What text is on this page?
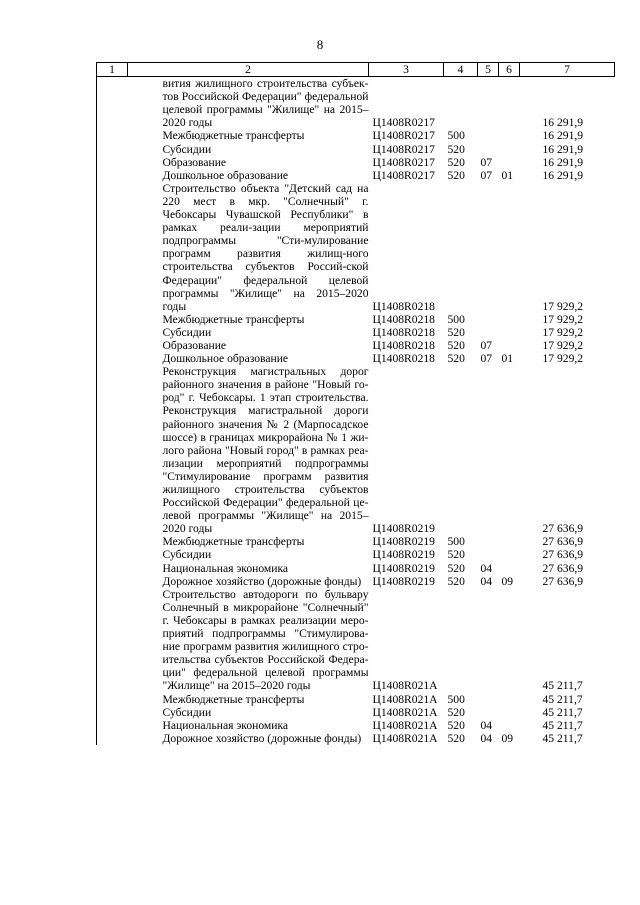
8
1	2	3	4	5	6	7
	вития жилищного строительства субъек-тов Российской Федерации" федеральной целевой программы "Жилище" на 2015–2020 годы	Ц1408R0217				16 291,9
	Межбюджетные трансферты	Ц1408R0217	500			16 291,9
	Субсидии	Ц1408R0217	520			16 291,9
	Образование	Ц1408R0217	520	07		16 291,9
	Дошкольное образование	Ц1408R0217	520	07	01	16 291,9
	Строительство объекта "Детский сад на 220 мест в мкр. "Солнечный" г. Чебоксары Чувашской Республики" в рамках реали-зации мероприятий подпрограммы "Сти-мулирование программ развития жилищ-ного строительства субъектов Россий-ской Федерации" федеральной целевой программы "Жилище" на 2015–2020 годы	Ц1408R0218				17 929,2
	Межбюджетные трансферты	Ц1408R0218	500			17 929,2
	Субсидии	Ц1408R0218	520			17 929,2
	Образование	Ц1408R0218	520	07		17 929,2
	Дошкольное образование	Ц1408R0218	520	07	01	17 929,2
	Реконструкция магистральных дорог районного значения в районе "Новый го-род" г. Чебоксары. 1 этап строительства. Реконструкция магистральной дороги районного значения № 2 (Марпосадское шоссе) в границах микрорайона № 1 жи-лого района "Новый город" в рамках реа-лизации мероприятий подпрограммы "Стимулирование программ развития жилищного строительства субъектов Российской Федерации" федеральной це-левой программы "Жилище" на 2015–2020 годы	Ц1408R0219				27 636,9
	Межбюджетные трансферты	Ц1408R0219	500			27 636,9
	Субсидии	Ц1408R0219	520			27 636,9
	Национальная экономика	Ц1408R0219	520	04		27 636,9
	Дорожное хозяйство (дорожные фонды)	Ц1408R0219	520	04	09	27 636,9
	Строительство автодороги по бульвару Солнечный в микрорайоне "Солнечный" г. Чебоксары в рамках реализации меро-приятий подпрограммы "Стимулирова-ние программ развития жилищного стро-ительства субъектов Российской Федера-ции" федеральной целевой программы "Жилище" на 2015–2020 годы	Ц1408R021А				45 211,7
	Межбюджетные трансферты	Ц1408R021А	500			45 211,7
	Субсидии	Ц1408R021А	520			45 211,7
	Национальная экономика	Ц1408R021А	520	04		45 211,7
	Дорожное хозяйство (дорожные фонды)	Ц1408R021А	520	04	09	45 211,7
